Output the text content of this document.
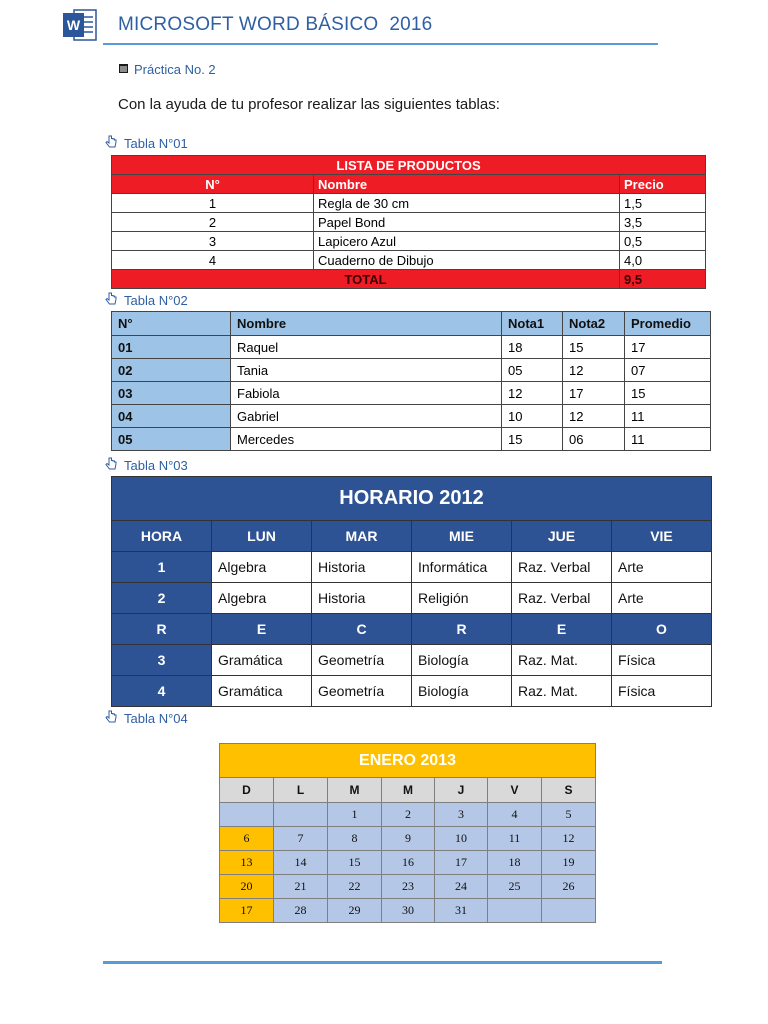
W MICROSOFT WORD BÁSICO  2016
Práctica No. 2
Con la ayuda de tu profesor realizar las siguientes tablas:
Tabla N°01
LISTA DE PRODUCTOS		
N°	Nombre	Precio
1	Regla de 30 cm	1,5
2	Papel Bond	3,5
3	Lapicero Azul	0,5
4	Cuaderno de Dibujo	4,0
TOTAL		9,5
Tabla N°02
N°	Nombre	Nota1	Nota2	Promedio
01	Raquel	18	15	17
02	Tania	05	12	07
03	Fabiola	12	17	15
04	Gabriel	10	12	11
05	Mercedes	15	06	11
Tabla N°03
HORARIO 2012					
HORA	LUN	MAR	MIE	JUE	VIE
1	Algebra	Historia	Informática	Raz. Verbal	Arte
2	Algebra	Historia	Religión	Raz. Verbal	Arte
R	E	C	R	E	O
3	Gramática	Geometría	Biología	Raz. Mat.	Física
4	Gramática	Geometría	Biología	Raz. Mat.	Física
Tabla N°04
ENERO 2013						
D	L	M	M	J	V	S
		1	2	3	4	5
6	7	8	9	10	11	12
13	14	15	16	17	18	19
20	21	22	23	24	25	26
17	28	29	30	31		
